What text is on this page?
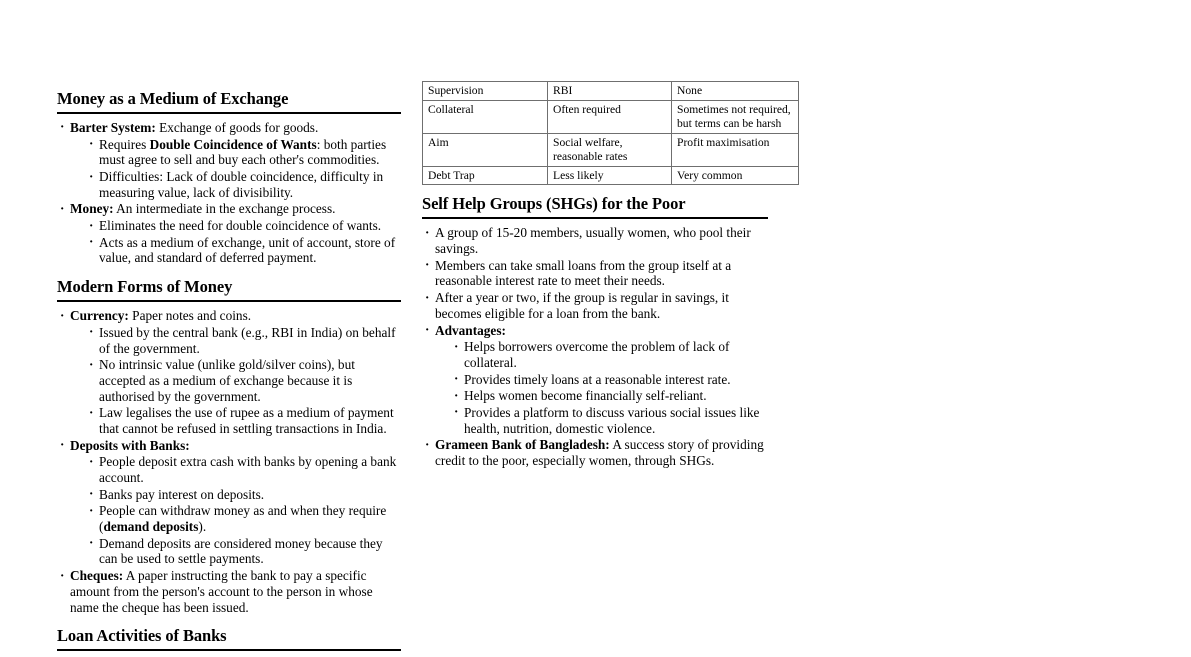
Money as a Medium of Exchange
· Barter System: Exchange of goods for goods.
· Requires Double Coincidence of Wants: both parties must agree to sell and buy each other's commodities.
· Difficulties: Lack of double coincidence, difficulty in measuring value, lack of divisibility.
· Money: An intermediate in the exchange process.
· Eliminates the need for double coincidence of wants.
· Acts as a medium of exchange, unit of account, store of value, and standard of deferred payment.
Modern Forms of Money
· Currency: Paper notes and coins.
· Issued by the central bank (e.g., RBI in India) on behalf of the government.
· No intrinsic value (unlike gold/silver coins), but accepted as a medium of exchange because it is authorised by the government.
· Law legalises the use of rupee as a medium of payment that cannot be refused in settling transactions in India.
· Deposits with Banks:
· People deposit extra cash with banks by opening a bank account.
· Banks pay interest on deposits.
· People can withdraw money as and when they require (demand deposits).
· Demand deposits are considered money because they can be used to settle payments.
· Cheques: A paper instructing the bank to pay a specific amount from the person's account to the person in whose name the cheque has been issued.
Loan Activities of Banks
Supervision	RBI	None
Collateral	Often required	Sometimes not required, but terms can be harsh
Aim	Social welfare, reasonable rates	Profit maximisation
Debt Trap	Less likely	Very common
Self Help Groups (SHGs) for the Poor
· A group of 15-20 members, usually women, who pool their savings.
· Members can take small loans from the group itself at a reasonable interest rate to meet their needs.
· After a year or two, if the group is regular in savings, it becomes eligible for a loan from the bank.
· Advantages:
· Helps borrowers overcome the problem of lack of collateral.
· Provides timely loans at a reasonable interest rate.
· Helps women become financially self-reliant.
· Provides a platform to discuss various social issues like health, nutrition, domestic violence.
· Grameen Bank of Bangladesh: A success story of providing credit to the poor, especially women, through SHGs.
